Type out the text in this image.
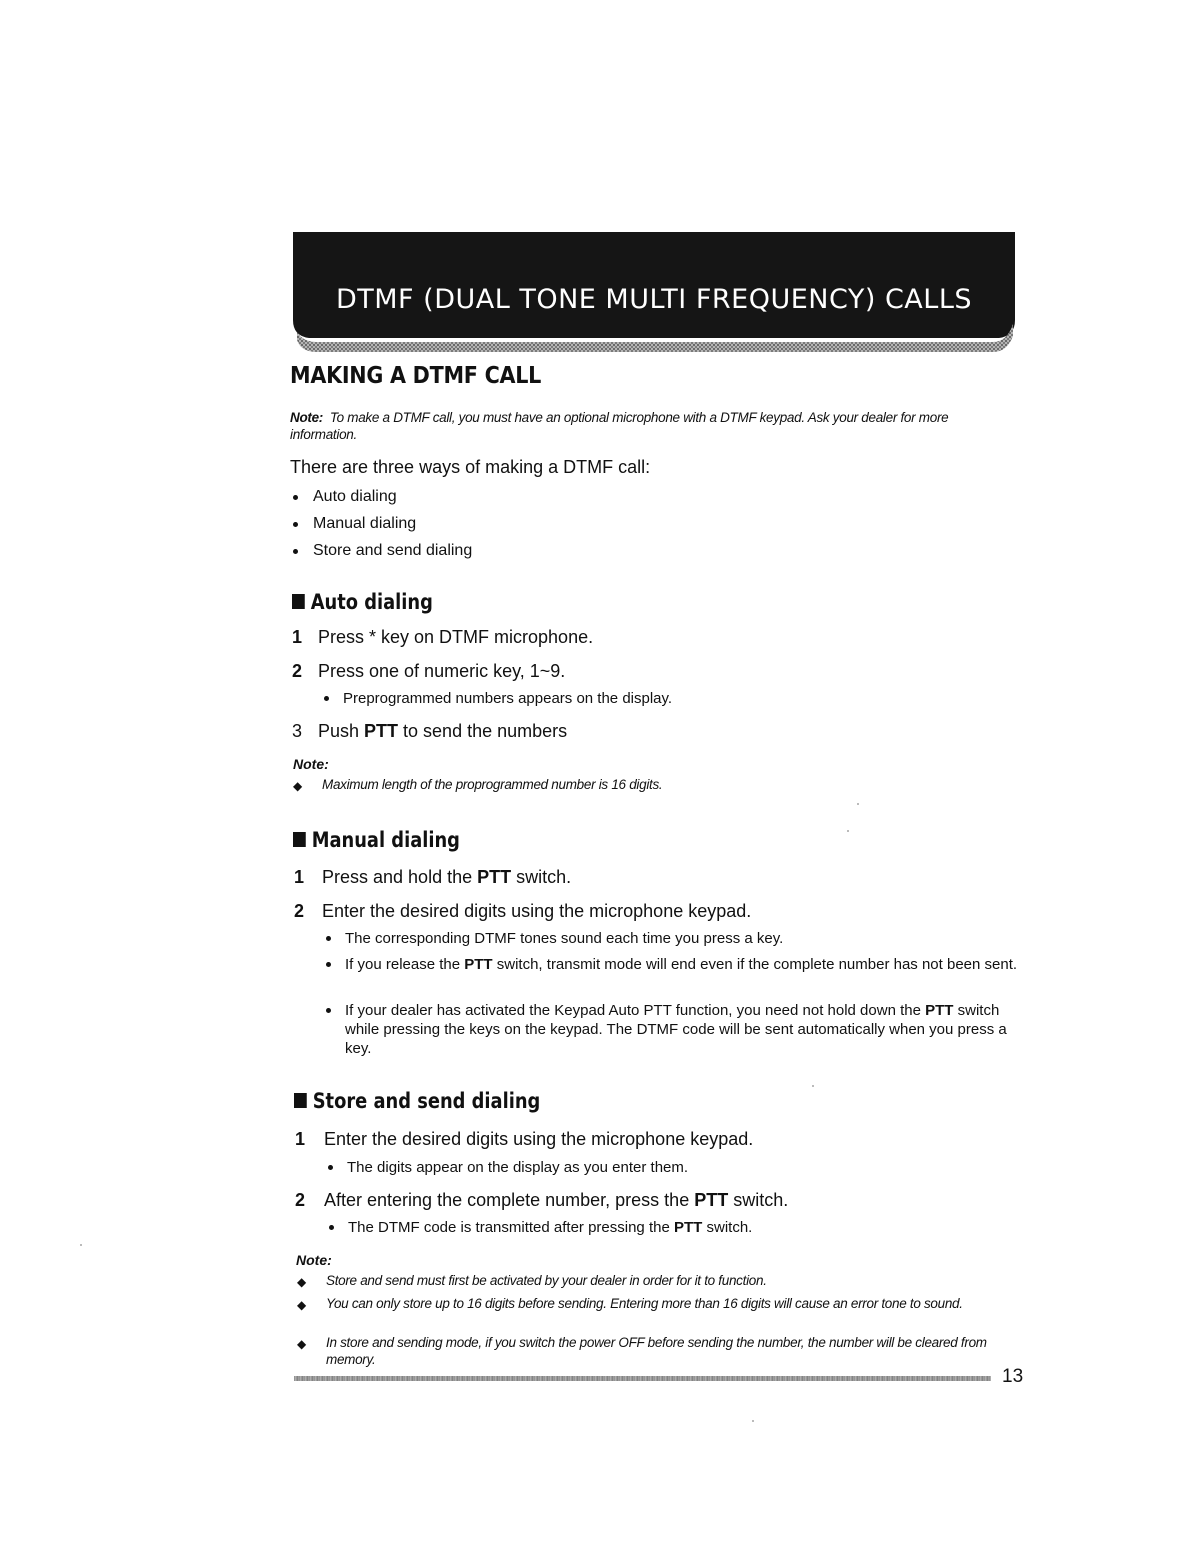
DTMF (DUAL TONE MULTI FREQUENCY) CALLS
MAKING A DTMF CALL
Note: To make a DTMF call, you must have an optional microphone with a DTMF keypad. Ask your dealer for more information.
There are three ways of making a DTMF call:
Auto dialing
Manual dialing
Store and send dialing
Auto dialing
1 Press * key on DTMF microphone.
2 Press one of numeric key, 1~9.
Preprogrammed numbers appears on the display.
3 Push PTT to send the numbers
Note:
◆ Maximum length of the proprogrammed number is 16 digits.
Manual dialing
1 Press and hold the PTT switch.
2 Enter the desired digits using the microphone keypad.
The corresponding DTMF tones sound each time you press a key.
If you release the PTT switch, transmit mode will end even if the complete number has not been sent.
If your dealer has activated the Keypad Auto PTT function, you need not hold down the PTT switch while pressing the keys on the keypad. The DTMF code will be sent automatically when you press a key.
Store and send dialing
1 Enter the desired digits using the microphone keypad.
The digits appear on the display as you enter them.
2 After entering the complete number, press the PTT switch.
The DTMF code is transmitted after pressing the PTT switch.
Note:
◆ Store and send must first be activated by your dealer in order for it to function.
◆ You can only store up to 16 digits before sending. Entering more than 16 digits will cause an error tone to sound.
◆ In store and sending mode, if you switch the power OFF before sending the number, the number will be cleared from memory.
13
